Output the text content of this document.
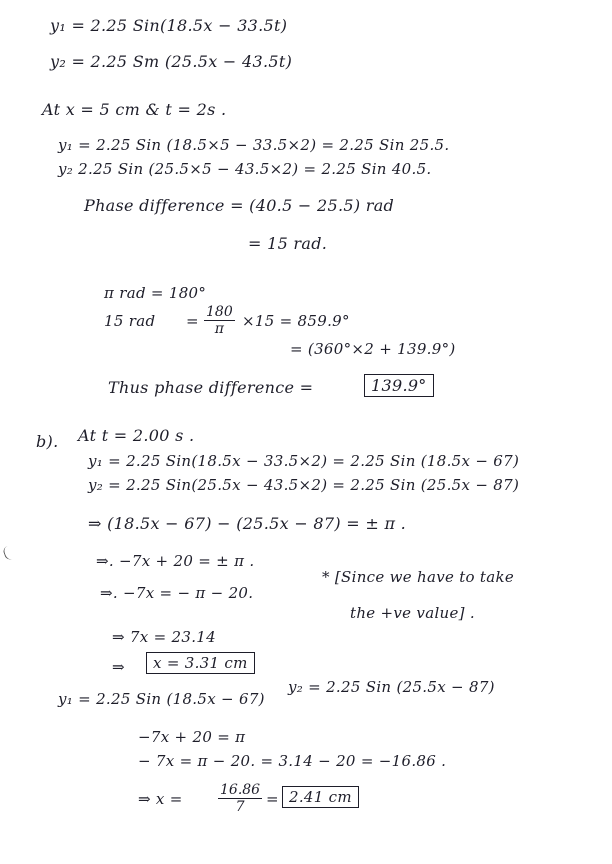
y₁ = 2.25 Sin(18.5x − 33.5t)
y₂ = 2.25 Sm (25.5x − 43.5t)
At x = 5 cm & t = 2s .
y₁ = 2.25 Sin (18.5×5 − 33.5×2) = 2.25 Sin 25.5.
y₂ 2.25 Sin (25.5×5 − 43.5×2) = 2.25 Sin 40.5.
Phase difference = (40.5 − 25.5) rad
= 15 rad.
π rad = 180°
15 rad = $\frac{180}{\pi} \times 15 = 859.9^\circ$
= (360°×2 + 139.9°)
Thus phase difference =	139.9°
b). At t = 2.00 s .
y₁ = 2.25 Sin(18.5x − 33.5×2) = 2.25 Sin (18.5x − 67)
y₂ = 2.25 Sin(25.5x − 43.5×2) = 2.25 Sin (25.5x − 87)
⇒ (18.5x − 67) − (25.5x − 87) = ± π .
⇒. −7x + 20 = ± π .
⇒. −7x = − π − 20.
* [Since we have to take
the +ve value] .
⇒ 7x = 23.14
⇒	x = 3.31 cm
y₁ = 2.25 Sin (18.5x − 67)
y₂ = 2.25 Sin (25.5x − 87)
−7x + 20 = π
− 7x = π − 20. = 3.14 − 20 = −16.86 .
⇒ x =	$\frac{16.86}{7} = 2.41$ cm
